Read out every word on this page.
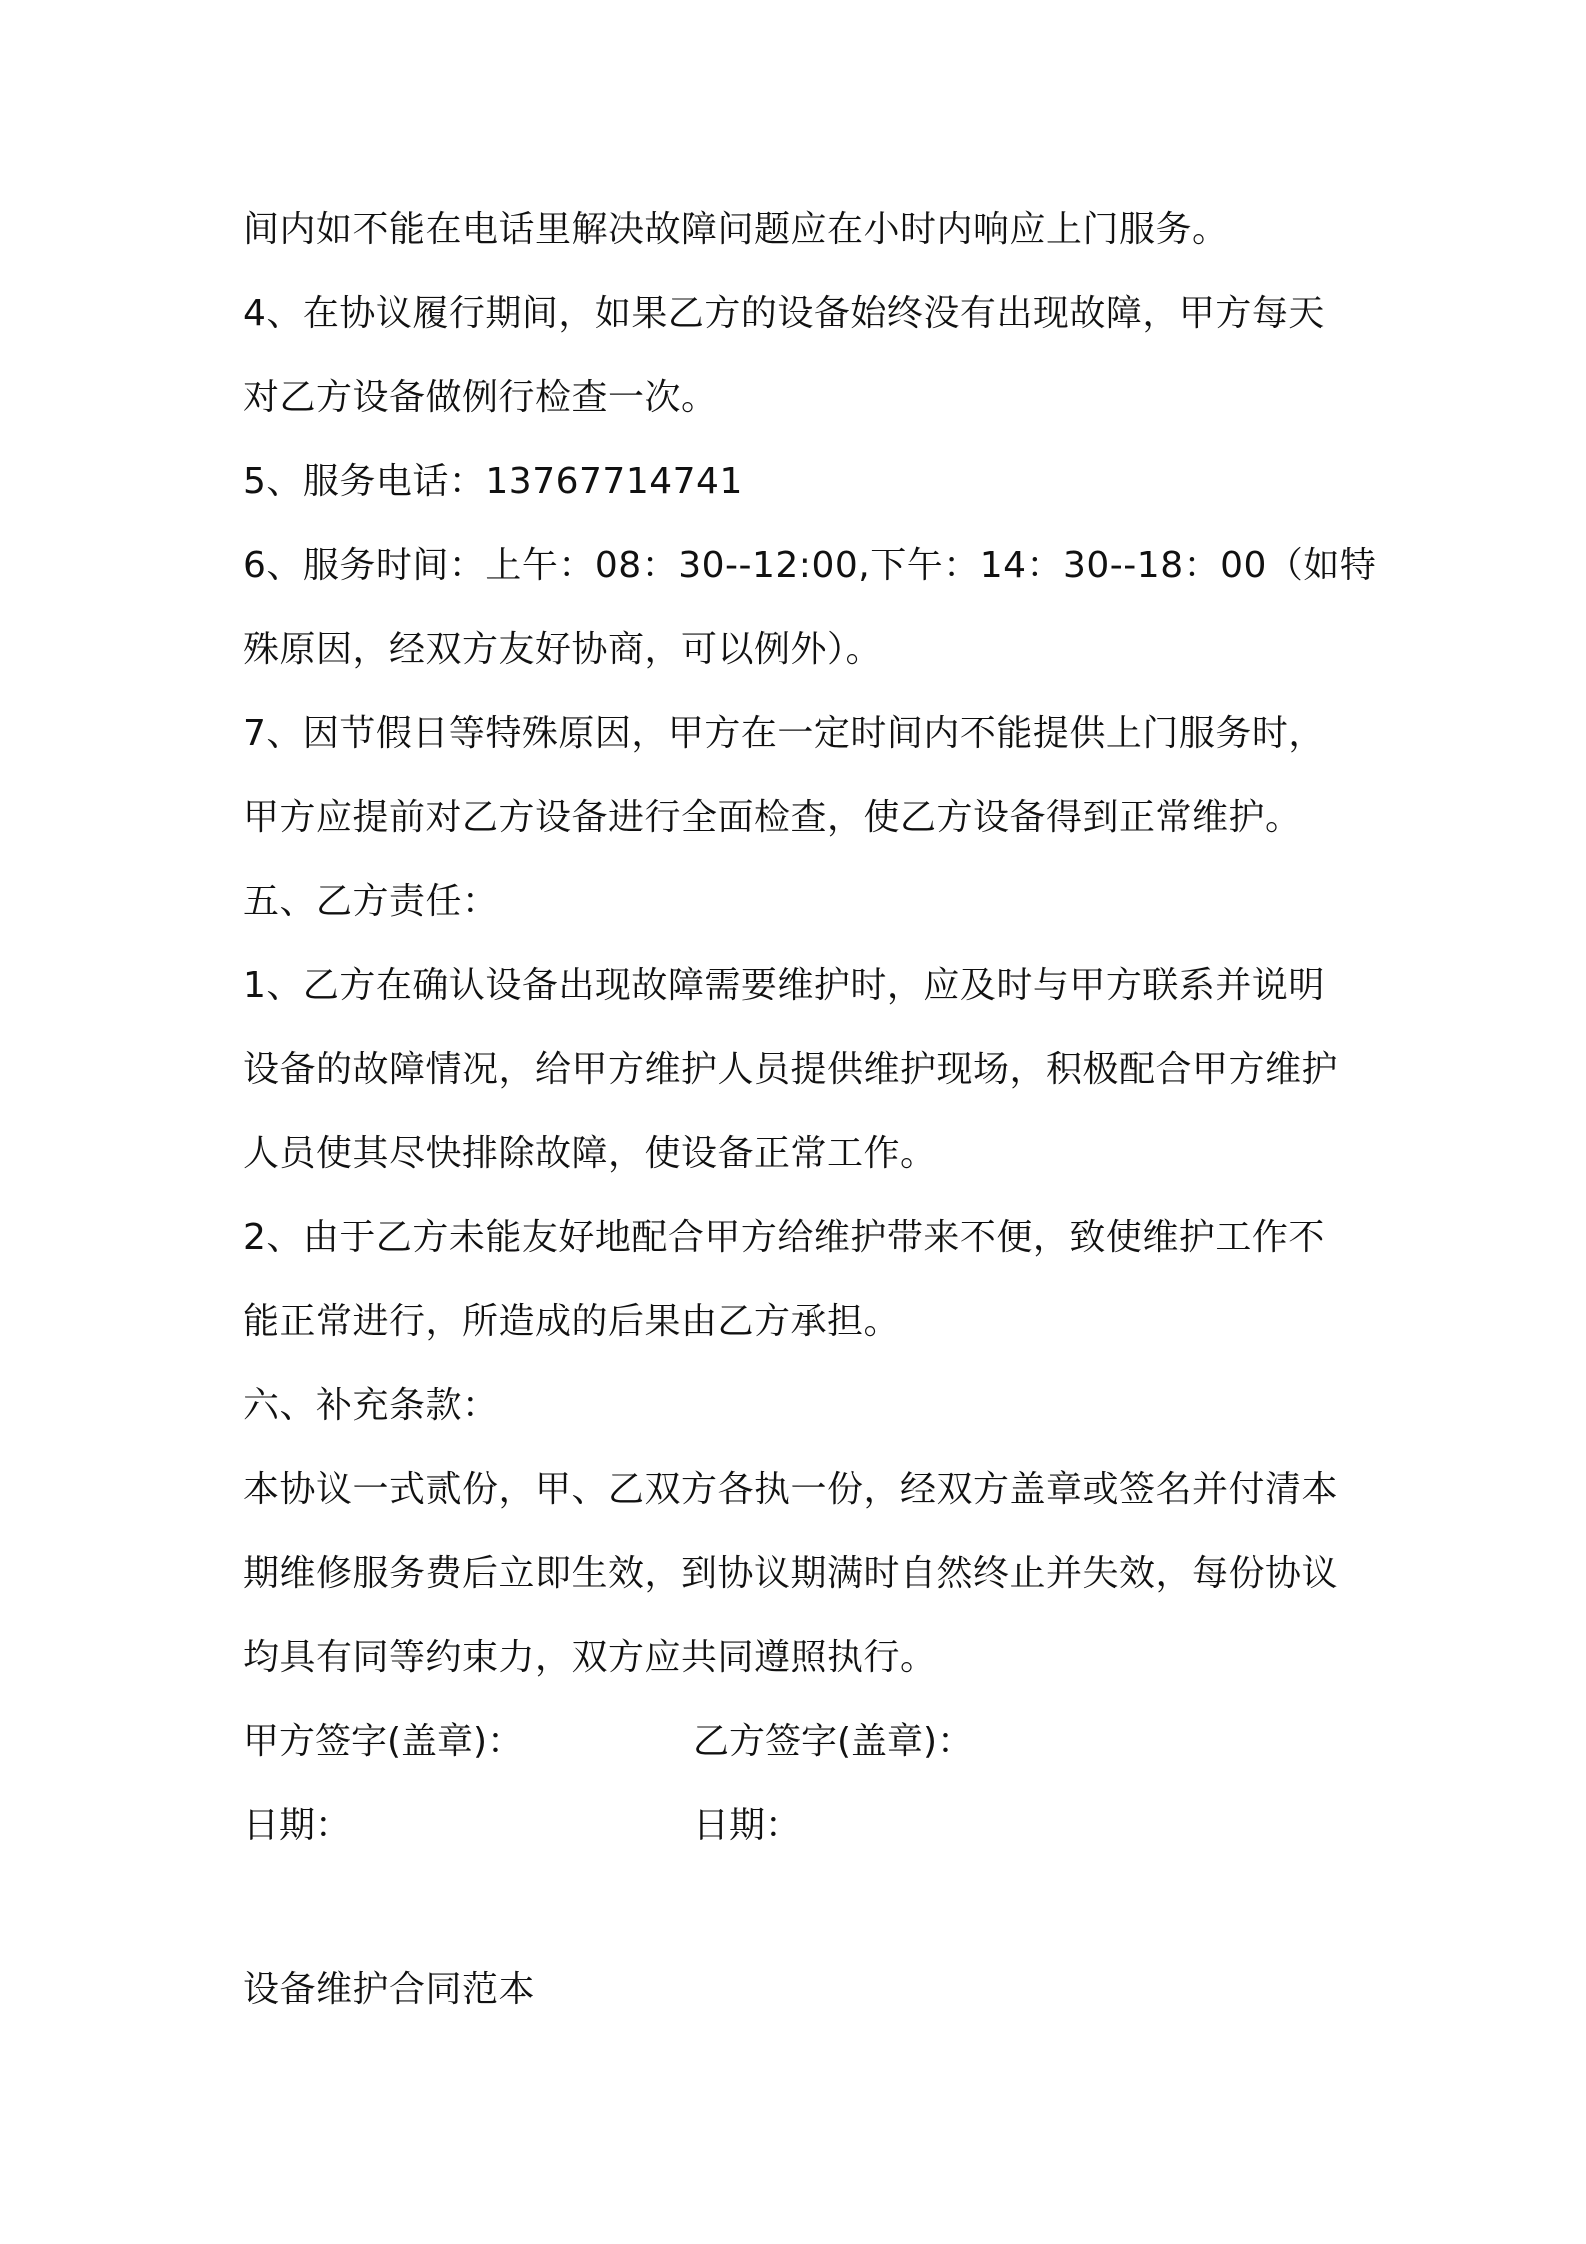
间内如不能在电话里解决故障问题应在小时内响应上门服务。
4、在协议履行期间，如果乙方的设备始终没有出现故障，甲方每天
对乙方设备做例行检查一次。
5、服务电话：13767714741
6、服务时间：上午：08：30--12:00,下午：14：30--18：00（如特
殊原因，经双方友好协商，可以例外）。
7、因节假日等特殊原因，甲方在一定时间内不能提供上门服务时，
甲方应提前对乙方设备进行全面检查，使乙方设备得到正常维护。
五、乙方责任：
1、乙方在确认设备出现故障需要维护时，应及时与甲方联系并说明
设备的故障情况，给甲方维护人员提供维护现场，积极配合甲方维护
人员使其尽快排除故障，使设备正常工作。
2、由于乙方未能友好地配合甲方给维护带来不便，致使维护工作不
能正常进行，所造成的后果由乙方承担。
六、补充条款：
本协议一式贰份，甲、乙双方各执一份，经双方盖章或签名并付清本
期维修服务费后立即生效，到协议期满时自然终止并失效，每份协议
均具有同等约束力，双方应共同遵照执行。
甲方签字(盖章)：	乙方签字(盖章)：
日期：	日期：
设备维护合同范本
